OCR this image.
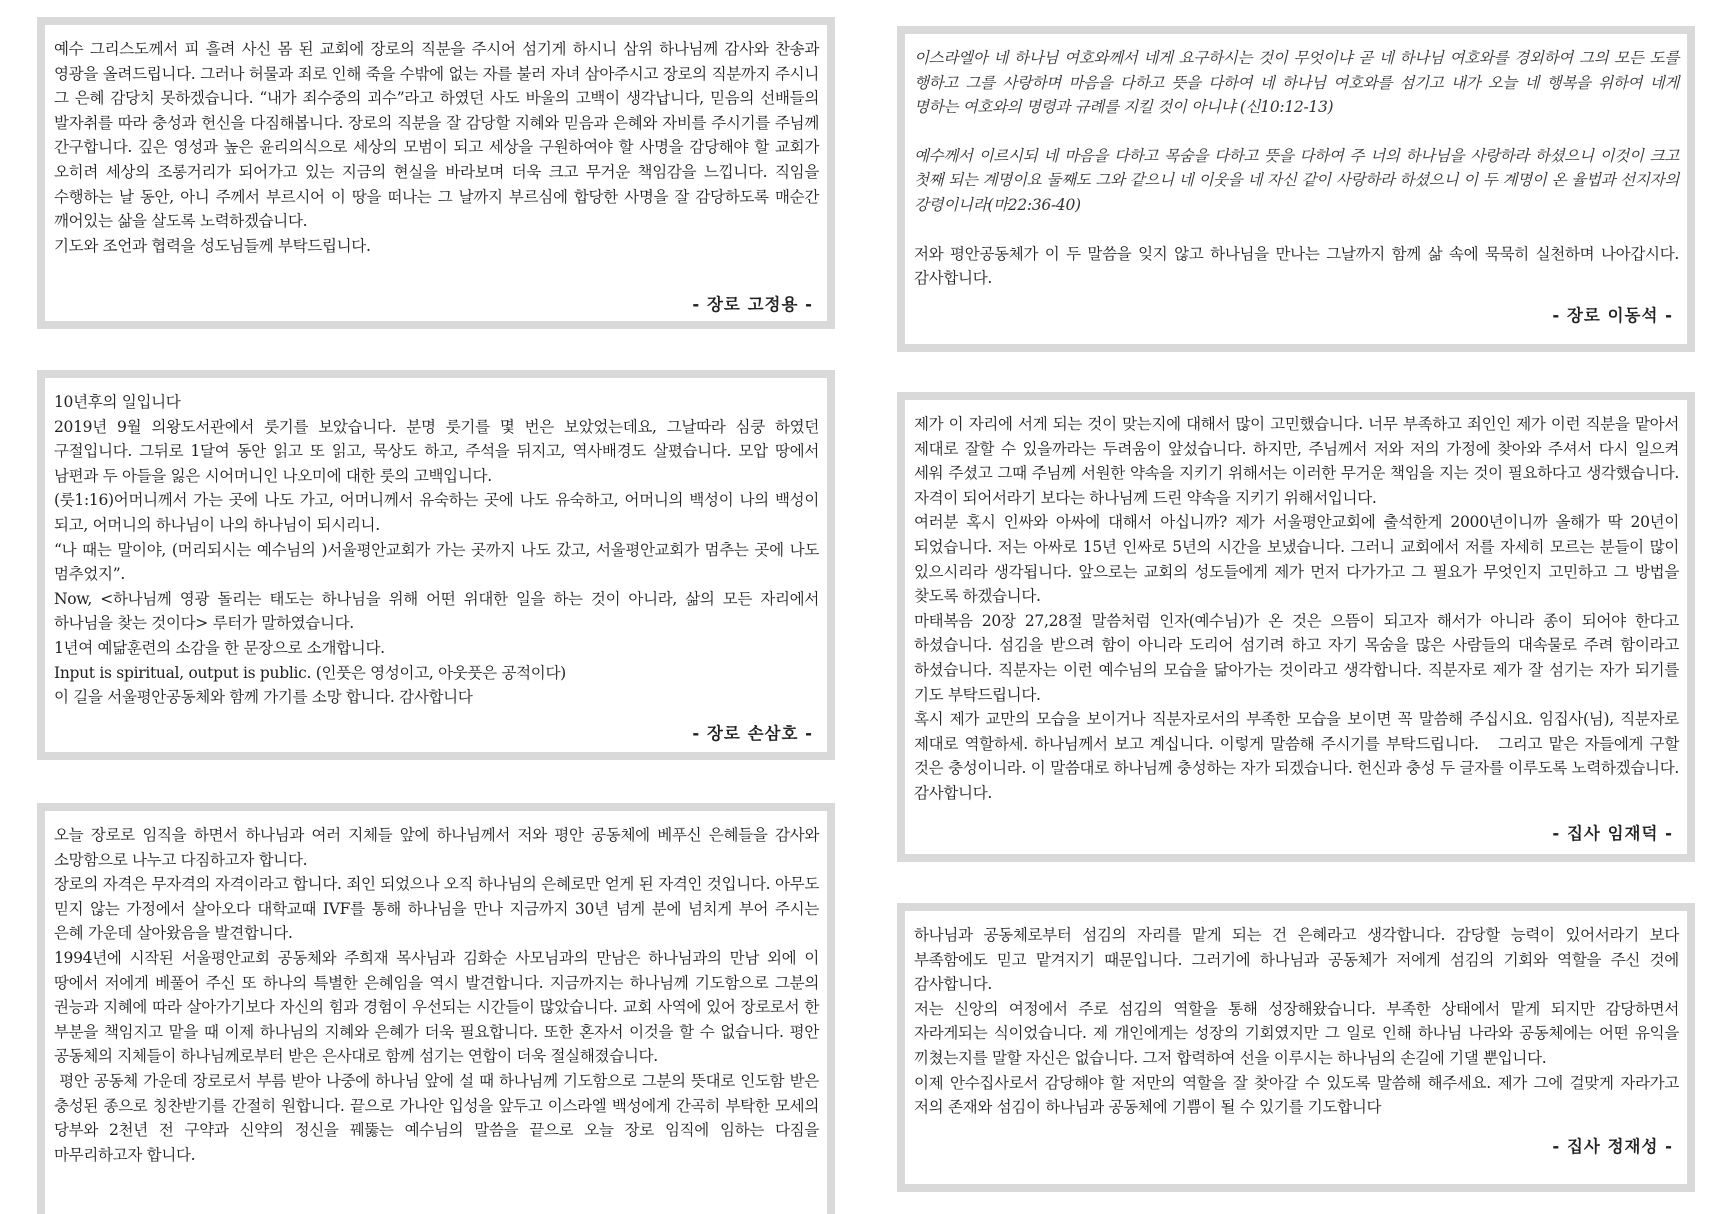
예수 그리스도께서 피 흘려 사신 몸 된 교회에 장로의 직분을 주시어 섬기게 하시니 삼위 하나님께 감사와 찬송과 영광을 올려드립니다. 그러나 허물과 죄로 인해 죽을 수밖에 없는 자를 불러 자녀 삼아주시고 장로의 직분까지 주시니 그 은혜 감당치 못하겠습니다. “내가 죄수중의 괴수”라고 하였던 사도 바울의 고백이 생각납니다, 믿음의 선배들의 발자취를 따라 충성과 헌신을 다짐해봅니다. 장로의 직분을 잘 감당할 지혜와 믿음과 은혜와 자비를 주시기를 주님께 간구합니다. 깊은 영성과 높은 윤리의식으로 세상의 모범이 되고 세상을 구원하여야 할 사명을 감당해야 할 교회가 오히려 세상의 조롱거리가 되어가고 있는 지금의 현실을 바라보며 더욱 크고 무거운 책임감을 느낍니다. 직임을 수행하는 날 동안, 아니 주께서 부르시어 이 땅을 떠나는 그 날까지 부르심에 합당한 사명을 잘 감당하도록 매순간 깨어있는 삶을 살도록 노력하겠습니다.

기도와 조언과 협력을 성도님들께 부탁드립니다.

- 장로 고정용 -

10년후의 일입니다

2019년 9월 의왕도서관에서 룻기를 보았습니다. 분명 룻기를 몇 번은 보았었는데요, 그날따라 심쿵 하였던 구절입니다. 그뒤로 1달여 동안 읽고 또 읽고, 묵상도 하고, 주석을 뒤지고, 역사배경도 살폈습니다. 모압 땅에서 남편과 두 아들을 잃은 시어머니인 나오미에 대한 룻의 고백입니다.

(룻1:16)어머니께서 가는 곳에 나도 가고, 어머니께서 유숙하는 곳에 나도 유숙하고, 어머니의 백성이 나의 백성이 되고, 어머니의 하나님이 나의 하나님이 되시리니.

“나 때는 말이야, (머리되시는 예수님의 )서울평안교회가 가는 곳까지 나도 갔고, 서울평안교회가 멈추는 곳에 나도 멈추었지”.

Now, <하나님께 영광 돌리는 태도는 하나님을 위해 어떤 위대한 일을 하는 것이 아니라, 삶의 모든 자리에서 하나님을 찾는 것이다> 루터가 말하였습니다.

1년여 예닮훈련의 소감을 한 문장으로 소개합니다.

Input is spiritual, output is public. (인풋은 영성이고, 아웃풋은 공적이다)

이 길을 서울평안공동체와 함께 가기를 소망 합니다. 감사합니다

- 장로 손삼호 -

오늘 장로로 임직을 하면서 하나님과 여러 지체들 앞에 하나님께서 저와 평안 공동체에 베푸신 은혜들을 감사와 소망함으로 나누고 다짐하고자 합니다.

장로의 자격은 무자격의 자격이라고 합니다. 죄인 되었으나 오직 하나님의 은혜로만 얻게 된 자격인 것입니다. 아무도 믿지 않는 가정에서 살아오다 대학교때 IVF를 통해 하나님을 만나 지금까지 30년 넘게 분에 넘치게 부어 주시는 은혜 가운데 살아왔음을 발견합니다.

1994년에 시작된 서울평안교회 공동체와 주희재 목사님과 김화순 사모님과의 만남은 하나님과의 만남 외에 이 땅에서 저에게 베풀어 주신 또 하나의 특별한 은혜임을 역시 발견합니다. 지금까지는 하나님께 기도함으로 그분의 권능과 지혜에 따라 살아가기보다 자신의 힘과 경험이 우선되는 시간들이 많았습니다. 교회 사역에 있어 장로로서 한 부분을 책임지고 맡을 때 이제 하나님의 지혜와 은혜가 더욱 필요합니다. 또한 혼자서 이것을 할 수 없습니다. 평안 공동체의 지체들이 하나님께로부터 받은 은사대로 함께 섬기는 연합이 더욱 절실해졌습니다.

평안 공동체 가운데 장로로서 부름 받아 나중에 하나님 앞에 설 때 하나님께 기도함으로 그분의 뜻대로 인도함 받은 충성된 종으로 칭찬받기를 간절히 원합니다. 끝으로 가나안 입성을 앞두고 이스라엘 백성에게 간곡히 부탁한 모세의 당부와 2천년 전 구약과 신약의 정신을 꿰뚫는 예수님의 말씀을 끝으로 오늘 장로 임직에 임하는 다짐을 마무리하고자 합니다.

이스라엘아 네 하나님 여호와께서 네게 요구하시는 것이 무엇이냐 곧 네 하나님 여호와를 경외하여 그의 모든 도를 행하고 그를 사랑하며 마음을 다하고 뜻을 다하여 네 하나님 여호와를 섬기고 내가 오늘 네 행복을 위하여 네게 명하는 여호와의 명령과 규례를 지킬 것이 아니냐 (신10:12-13)

예수께서 이르시되 네 마음을 다하고 목숨을 다하고 뜻을 다하여 주 너의 하나님을 사랑하라 하셨으니 이것이 크고 첫째 되는 계명이요 둘째도 그와 같으니 네 이웃을 네 자신 같이 사랑하라 하셨으니 이 두 계명이 온 율법과 선지자의 강령이니라(마22:36-40)

저와 평안공동체가 이 두 말씀을 잊지 않고 하나님을 만나는 그날까지 함께 삶 속에 묵묵히 실천하며 나아갑시다. 감사합니다.

- 장로 이동석 -

제가 이 자리에 서게 되는 것이 맞는지에 대해서 많이 고민했습니다. 너무 부족하고 죄인인 제가 이런 직분을 맡아서 제대로 잘할 수 있을까라는 두려움이 앞섰습니다. 하지만, 주님께서 저와 저의 가정에 찾아와 주셔서 다시 일으켜 세워 주셨고 그때 주님께 서원한 약속을 지키기 위해서는 이러한 무거운 책임을 지는 것이 필요하다고 생각했습니다. 자격이 되어서라기 보다는 하나님께 드린 약속을 지키기 위해서입니다.

여러분 혹시 인싸와 아싸에 대해서 아십니까? 제가 서울평안교회에 출석한게 2000년이니까 올해가 딱 20년이 되었습니다. 저는 아싸로 15년 인싸로 5년의 시간을 보냈습니다. 그러니 교회에서 저를 자세히 모르는 분들이 많이 있으시리라 생각됩니다. 앞으로는 교회의 성도들에게 제가 먼저 다가가고 그 필요가 무엇인지 고민하고 그 방법을 찾도록 하겠습니다.

마태복음 20장 27,28절 말씀처럼 인자(예수님)가 온 것은 으뜸이 되고자 해서가 아니라 종이 되어야 한다고 하셨습니다. 섬김을 받으려 함이 아니라 도리어 섬기려 하고 자기 목숨을 많은 사람들의 대속물로 주려 함이라고 하셨습니다. 직분자는 이런 예수님의 모습을 닮아가는 것이라고 생각합니다. 직분자로 제가 잘 섬기는 자가 되기를 기도 부탁드립니다.

혹시 제가 교만의 모습을 보이거나 직분자로서의 부족한 모습을 보이면 꼭 말씀해 주십시요. 임집사(님), 직분자로 제대로 역할하세. 하나님께서 보고 계십니다. 이렇게 말씀해 주시기를 부탁드립니다.   그리고 맡은 자들에게 구할 것은 충성이니라. 이 말씀대로 하나님께 충성하는 자가 되겠습니다. 헌신과 충성 두 글자를 이루도록 노력하겠습니다. 감사합니다.

- 집사 임재덕 -

하나님과 공동체로부터 섬김의 자리를 맡게 되는 건 은혜라고 생각합니다. 감당할 능력이 있어서라기 보다 부족함에도 믿고 맡겨지기 때문입니다. 그러기에 하나님과 공동체가 저에게 섬김의 기회와 역할을 주신 것에 감사합니다.

저는 신앙의 여정에서 주로 섬김의 역할을 통해 성장해왔습니다. 부족한 상태에서 맡게 되지만 감당하면서 자라게되는 식이었습니다. 제 개인에게는 성장의 기회였지만 그 일로 인해 하나님 나라와 공동체에는 어떤 유익을 끼쳤는지를 말할 자신은 없습니다. 그저 합력하여 선을 이루시는 하나님의 손길에 기댈 뿐입니다.

이제 안수집사로서 감당해야 할 저만의 역할을 잘 찾아갈 수 있도록 말씀해 해주세요. 제가 그에 걸맞게 자라가고 저의 존재와 섬김이 하나님과 공동체에 기쁨이 될 수 있기를 기도합니다

- 집사 정재성 -
